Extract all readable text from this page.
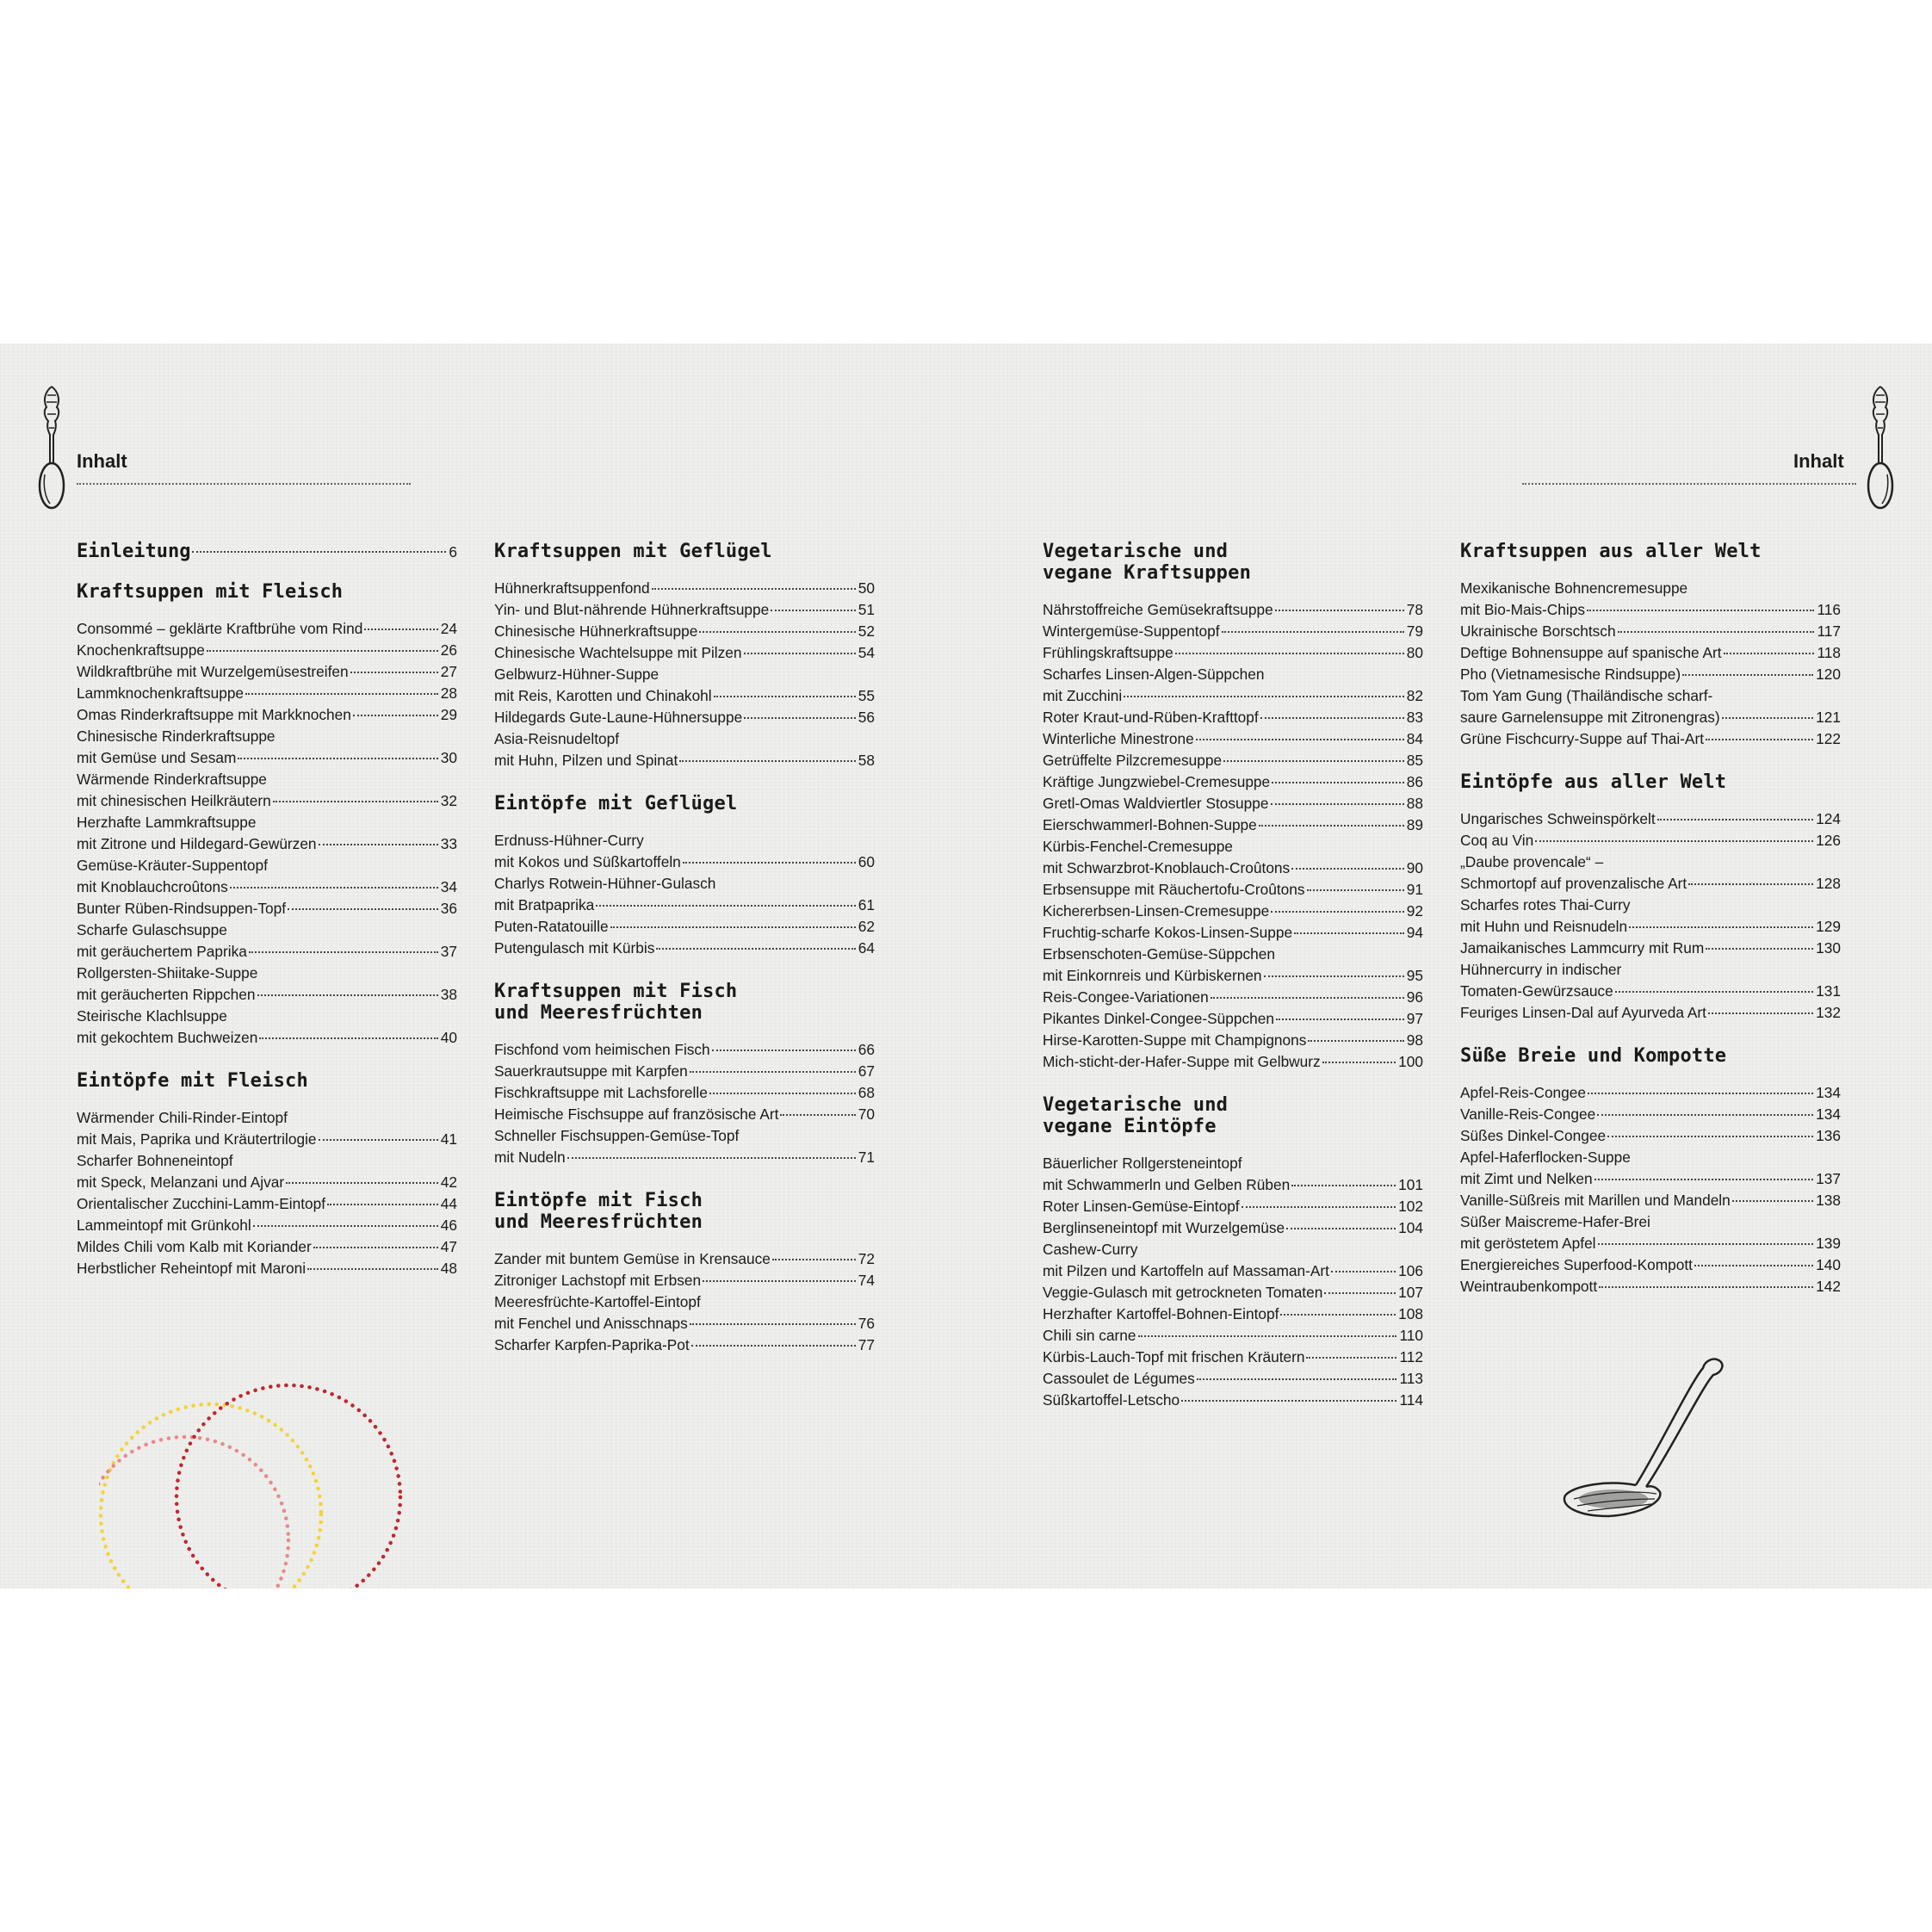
Inhalt	Inhalt
Einleitung	6
Kraftsuppen mit Fleisch
Consommé – geklärte Kraftbrühe vom Rind	24
Knochenkraftsuppe	26
Wildkraftbrühe mit Wurzelgemüsestreifen	27
Lammknochenkraftsuppe	28
Omas Rinderkraftsuppe mit Markknochen	29
Chinesische Rinderkraftsuppe
mit Gemüse und Sesam	30
Wärmende Rinderkraftsuppe
mit chinesischen Heilkräutern	32
Herzhafte Lammkraftsuppe
mit Zitrone und Hildegard-Gewürzen	33
Gemüse-Kräuter-Suppentopf
mit Knoblauchcroûtons	34
Bunter Rüben-Rindsuppen-Topf	36
Scharfe Gulaschsuppe
mit geräuchertem Paprika	37
Rollgersten-Shiitake-Suppe
mit geräucherten Rippchen	38
Steirische Klachlsuppe
mit gekochtem Buchweizen	40
Eintöpfe mit Fleisch
Wärmender Chili-Rinder-Eintopf
mit Mais, Paprika und Kräutertrilogie	41
Scharfer Bohneneintopf
mit Speck, Melanzani und Ajvar	42
Orientalischer Zucchini-Lamm-Eintopf	44
Lammeintopf mit Grünkohl	46
Mildes Chili vom Kalb mit Koriander	47
Herbstlicher Reheintopf mit Maroni	48
Kraftsuppen mit Geflügel
Hühnerkraftsuppenfond	50
Yin- und Blut-nährende Hühnerkraftsuppe	51
Chinesische Hühnerkraftsuppe	52
Chinesische Wachtelsuppe mit Pilzen	54
Gelbwurz-Hühner-Suppe
mit Reis, Karotten und Chinakohl	55
Hildegards Gute-Laune-Hühnersuppe	56
Asia-Reisnudeltopf
mit Huhn, Pilzen und Spinat	58
Eintöpfe mit Geflügel
Erdnuss-Hühner-Curry
mit Kokos und Süßkartoffeln	60
Charlys Rotwein-Hühner-Gulasch
mit Bratpaprika	61
Puten-Ratatouille	62
Putengulasch mit Kürbis	64
Kraftsuppen mit Fisch
und Meeresfrüchten
Fischfond vom heimischen Fisch	66
Sauerkrautsuppe mit Karpfen	67
Fischkraftsuppe mit Lachsforelle	68
Heimische Fischsuppe auf französische Art	70
Schneller Fischsuppen-Gemüse-Topf
mit Nudeln	71
Eintöpfe mit Fisch
und Meeresfrüchten
Zander mit buntem Gemüse in Krensauce	72
Zitroniger Lachstopf mit Erbsen	74
Meeresfrüchte-Kartoffel-Eintopf
mit Fenchel und Anisschnaps	76
Scharfer Karpfen-Paprika-Pot	77
Vegetarische und
vegane Kraftsuppen
Nährstoffreiche Gemüsekraftsuppe	78
Wintergemüse-Suppentopf	79
Frühlingskraftsuppe	80
Scharfes Linsen-Algen-Süppchen
mit Zucchini	82
Roter Kraut-und-Rüben-Krafttopf	83
Winterliche Minestrone	84
Getrüffelte Pilzcremesuppe	85
Kräftige Jungzwiebel-Cremesuppe	86
Gretl-Omas Waldviertler Stosuppe	88
Eierschwammerl-Bohnen-Suppe	89
Kürbis-Fenchel-Cremesuppe
mit Schwarzbrot-Knoblauch-Croûtons	90
Erbsensuppe mit Räuchertofu-Croûtons	91
Kichererbsen-Linsen-Cremesuppe	92
Fruchtig-scharfe Kokos-Linsen-Suppe	94
Erbsenschoten-Gemüse-Süppchen
mit Einkornreis und Kürbiskernen	95
Reis-Congee-Variationen	96
Pikantes Dinkel-Congee-Süppchen	97
Hirse-Karotten-Suppe mit Champignons	98
Mich-sticht-der-Hafer-Suppe mit Gelbwurz	100
Vegetarische und
vegane Eintöpfe
Bäuerlicher Rollgersteneintopf
mit Schwammerln und Gelben Rüben	101
Roter Linsen-Gemüse-Eintopf	102
Berglinseneintopf mit Wurzelgemüse	104
Cashew-Curry
mit Pilzen und Kartoffeln auf Massaman-Art	106
Veggie-Gulasch mit getrockneten Tomaten	107
Herzhafter Kartoffel-Bohnen-Eintopf	108
Chili sin carne	110
Kürbis-Lauch-Topf mit frischen Kräutern	112
Cassoulet de Légumes	113
Süßkartoffel-Letscho	114
Kraftsuppen aus aller Welt
Mexikanische Bohnencremesuppe
mit Bio-Mais-Chips	116
Ukrainische Borschtsch	117
Deftige Bohnensuppe auf spanische Art	118
Pho (Vietnamesische Rindsuppe)	120
Tom Yam Gung (Thailändische scharf-
saure Garnelensuppe mit Zitronengras)	121
Grüne Fischcurry-Suppe auf Thai-Art	122
Eintöpfe aus aller Welt
Ungarisches Schweinspörkelt	124
Coq au Vin	126
„Daube provencale“ –
Schmortopf auf provenzalische Art	128
Scharfes rotes Thai-Curry
mit Huhn und Reisnudeln	129
Jamaikanisches Lammcurry mit Rum	130
Hühnercurry in indischer
Tomaten-Gewürzsauce	131
Feuriges Linsen-Dal auf Ayurveda Art	132
Süße Breie und Kompotte
Apfel-Reis-Congee	134
Vanille-Reis-Congee	134
Süßes Dinkel-Congee	136
Apfel-Haferflocken-Suppe
mit Zimt und Nelken	137
Vanille-Süßreis mit Marillen und Mandeln	138
Süßer Maiscreme-Hafer-Brei
mit geröstetem Apfel	139
Energiereiches Superfood-Kompott	140
Weintraubenkompott	142
